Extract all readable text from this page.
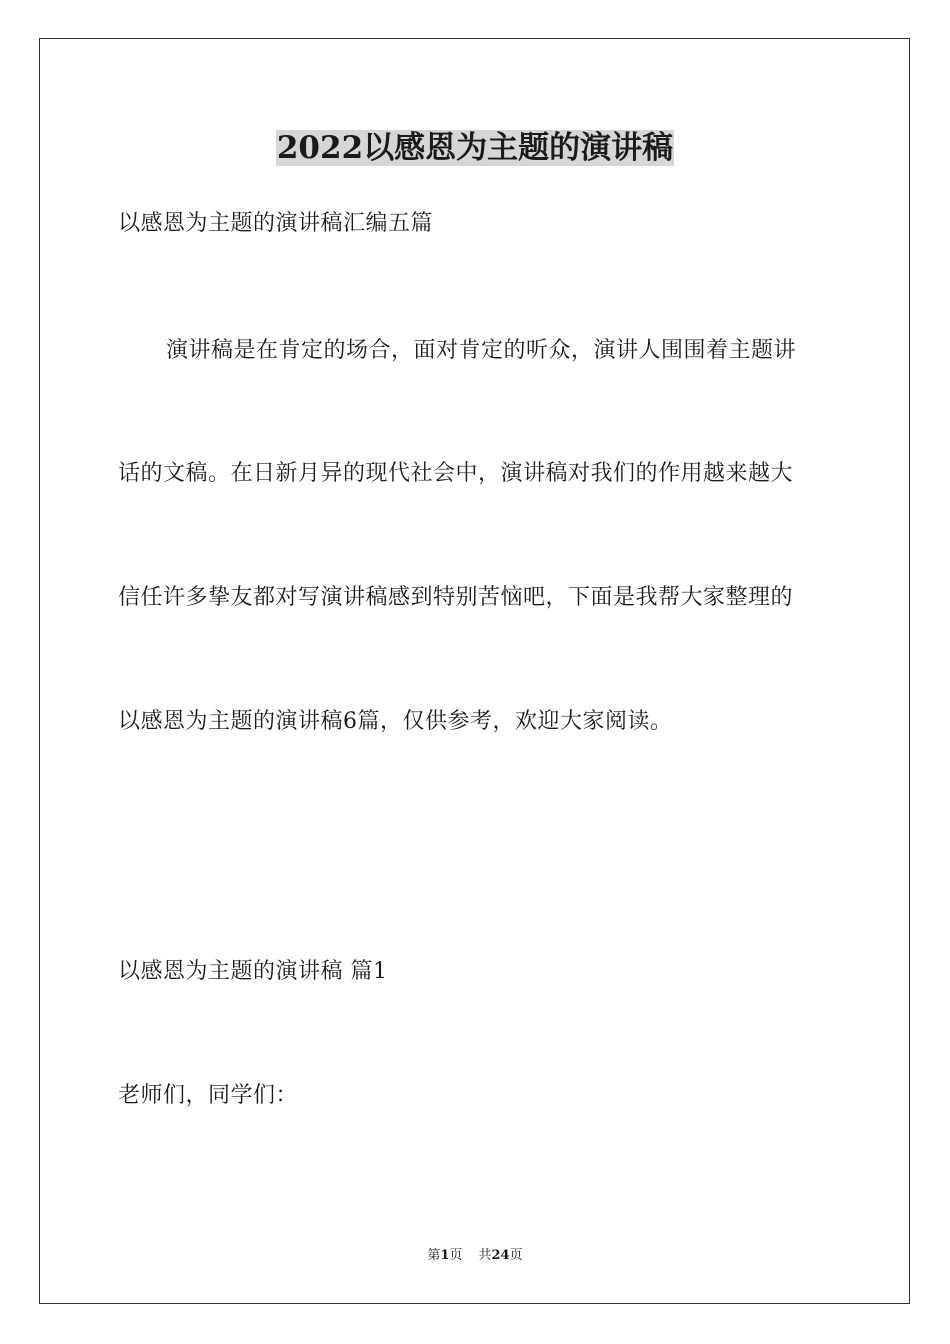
2022以感恩为主题的演讲稿
以感恩为主题的演讲稿汇编五篇
演讲稿是在肯定的场合，面对肯定的听众，演讲人围围着主题讲
话的文稿。在日新月异的现代社会中，演讲稿对我们的作用越来越大
信任许多挚友都对写演讲稿感到特别苦恼吧，下面是我帮大家整理的
以感恩为主题的演讲稿6篇，仅供参考，欢迎大家阅读。
以感恩为主题的演讲稿 篇1
老师们，同学们：
第1页 共24页
